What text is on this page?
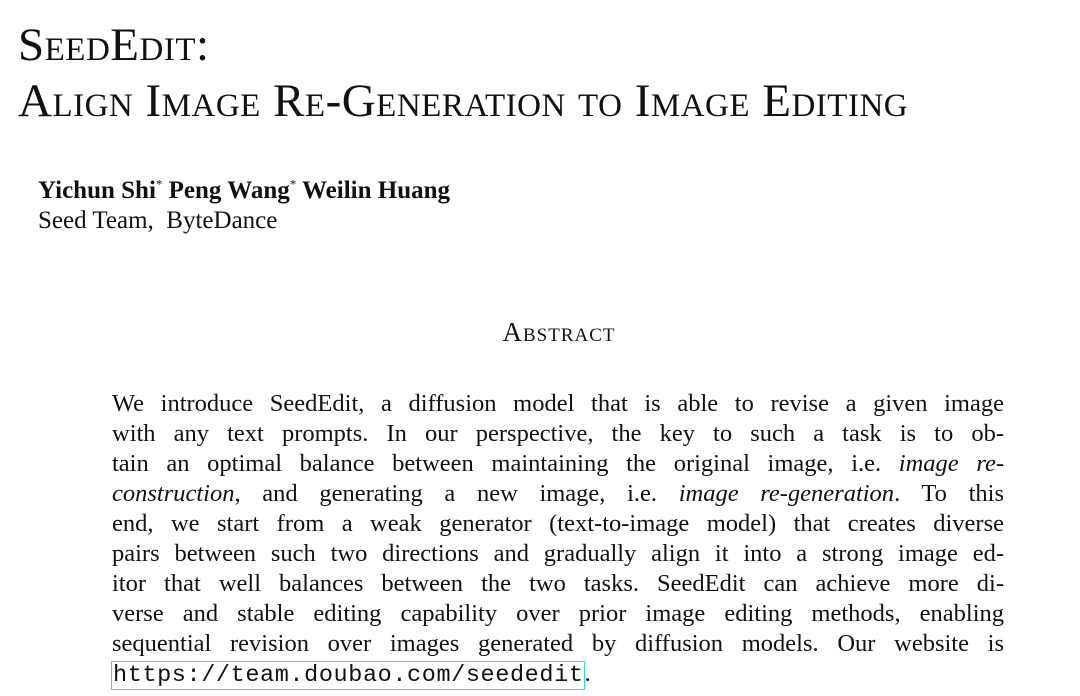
SeedEdit:
Align Image Re-Generation to Image Editing
Yichun Shi* Peng Wang* Weilin Huang
Seed Team,  ByteDance
Abstract
We introduce SeedEdit, a diffusion model that is able to revise a given image
with any text prompts. In our perspective, the key to such a task is to ob-
tain an optimal balance between maintaining the original image, i.e. image re-
construction, and generating a new image, i.e. image re-generation. To this
end, we start from a weak generator (text-to-image model) that creates diverse
pairs between such two directions and gradually align it into a strong image ed-
itor that well balances between the two tasks. SeedEdit can achieve more di-
verse and stable editing capability over prior image editing methods, enabling
sequential revision over images generated by diffusion models. Our website is
https://team.doubao.com/seededit.
